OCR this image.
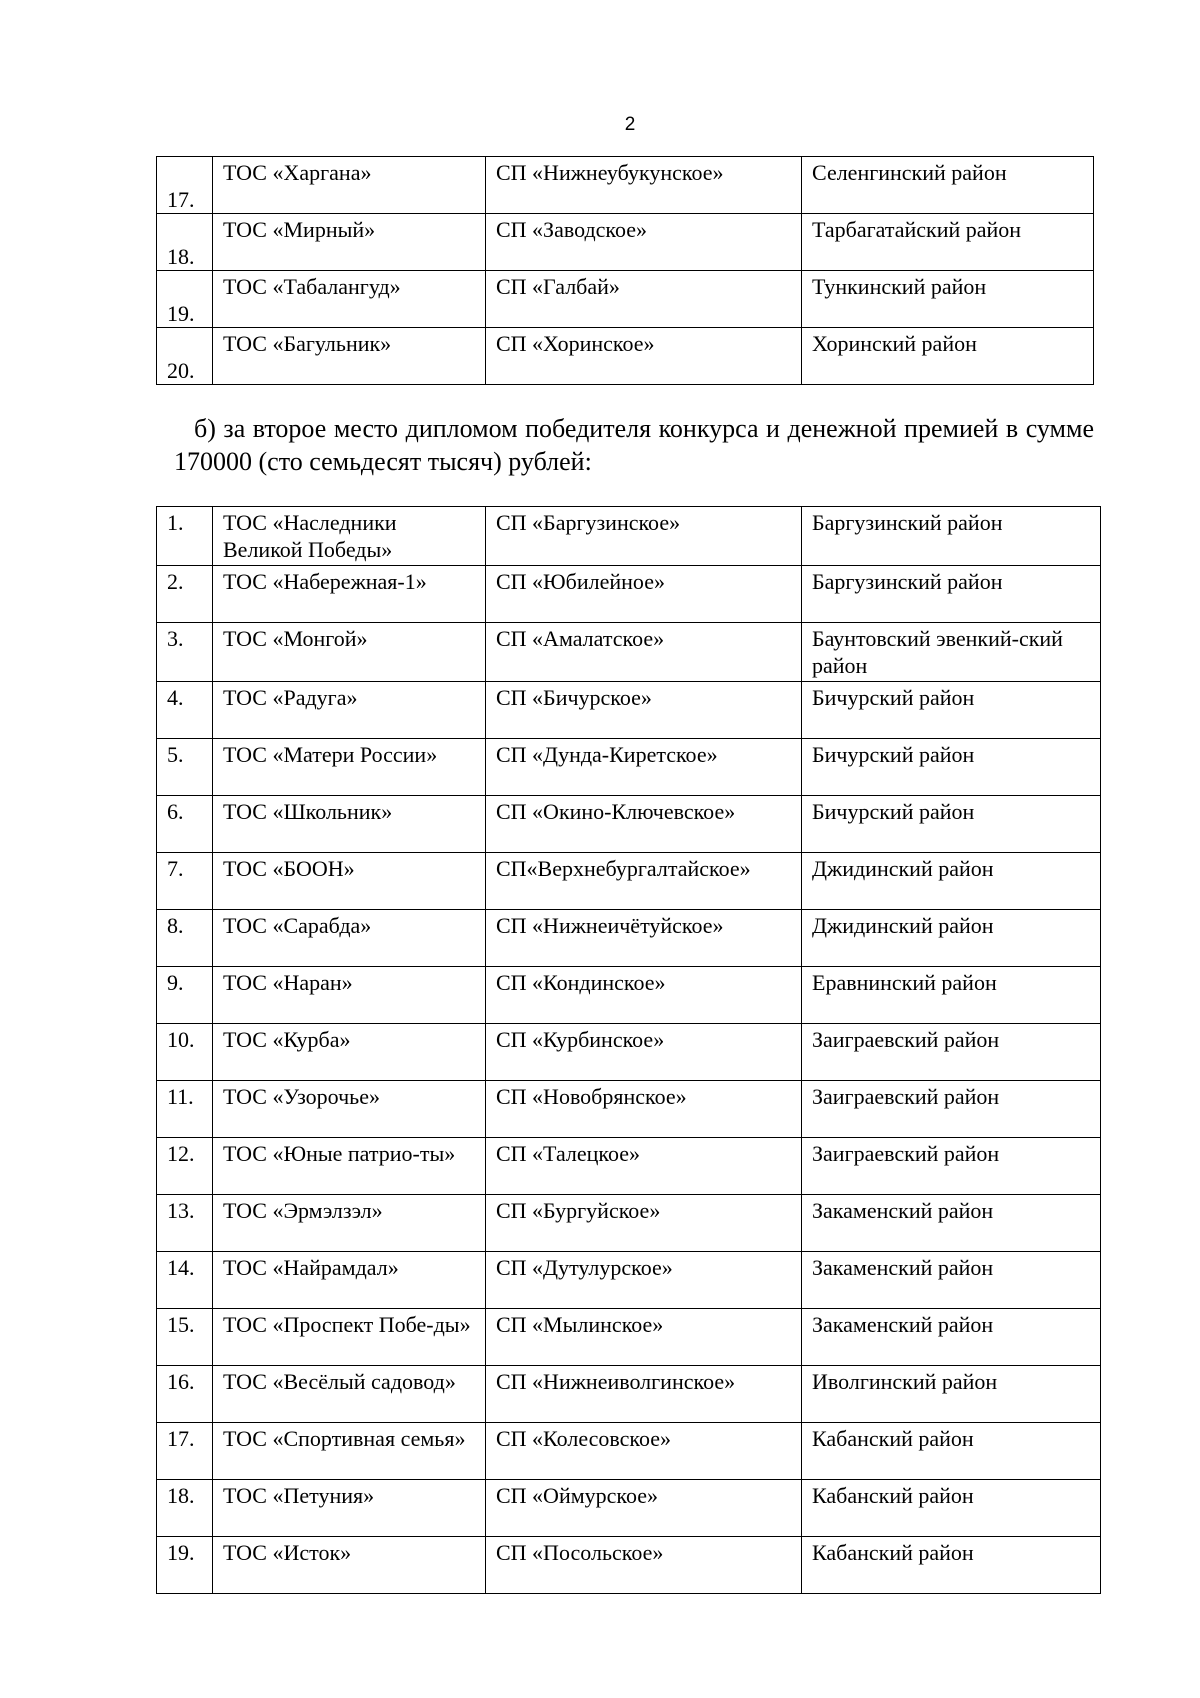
2
17.	ТОС «Харгана»	СП «Нижнеубукунское»	Селенгинский район
18.	ТОС «Мирный»	СП «Заводское»	Тарбагатайский район
19.	ТОС «Табалангуд»	СП «Галбай»	Тункинский район
20.	ТОС «Багульник»	СП «Хоринское»	Хоринский район

б) за второе место дипломом победителя конкурса и денежной премией в сумме 170000 (сто семьдесят тысяч) рублей:

1.	ТОС «Наследники Великой Победы»	СП «Баргузинское»	Баргузинский район
2.	ТОС «Набережная-1»	СП «Юбилейное»	Баргузинский район
3.	ТОС «Монгой»	СП «Амалатское»	Баунтовский эвенкий-ский район
4.	ТОС «Радуга»	СП «Бичурское»	Бичурский район
5.	ТОС «Матери России»	СП «Дунда-Киретское»	Бичурский район
6.	ТОС «Школьник»	СП «Окино-Ключевское»	Бичурский район
7.	ТОС «БООН»	СП«Верхнебургалтайское»	Джидинский район
8.	ТОС «Сарабда»	СП «Нижнеичётуйское»	Джидинский район
9.	ТОС «Наран»	СП «Кондинское»	Еравнинский район
10.	ТОС «Курба»	СП «Курбинское»	Заиграевский район
11.	ТОС «Узорочье»	СП «Новобрянское»	Заиграевский район
12.	ТОС «Юные патрио-ты»	СП «Талецкое»	Заиграевский район
13.	ТОС «Эрмэлзэл»	СП «Бургуйское»	Закаменский район
14.	ТОС «Найрамдал»	СП «Дутулурское»	Закаменский район
15.	ТОС «Проспект Побе-ды»	СП «Мылинское»	Закаменский район
16.	ТОС «Весёлый садовод»	СП «Нижнеиволгинское»	Иволгинский район
17.	ТОС «Спортивная семья»	СП «Колесовское»	Кабанский район
18.	ТОС «Петуния»	СП «Оймурское»	Кабанский район
19.	ТОС «Исток»	СП «Посольское»	Кабанский район
